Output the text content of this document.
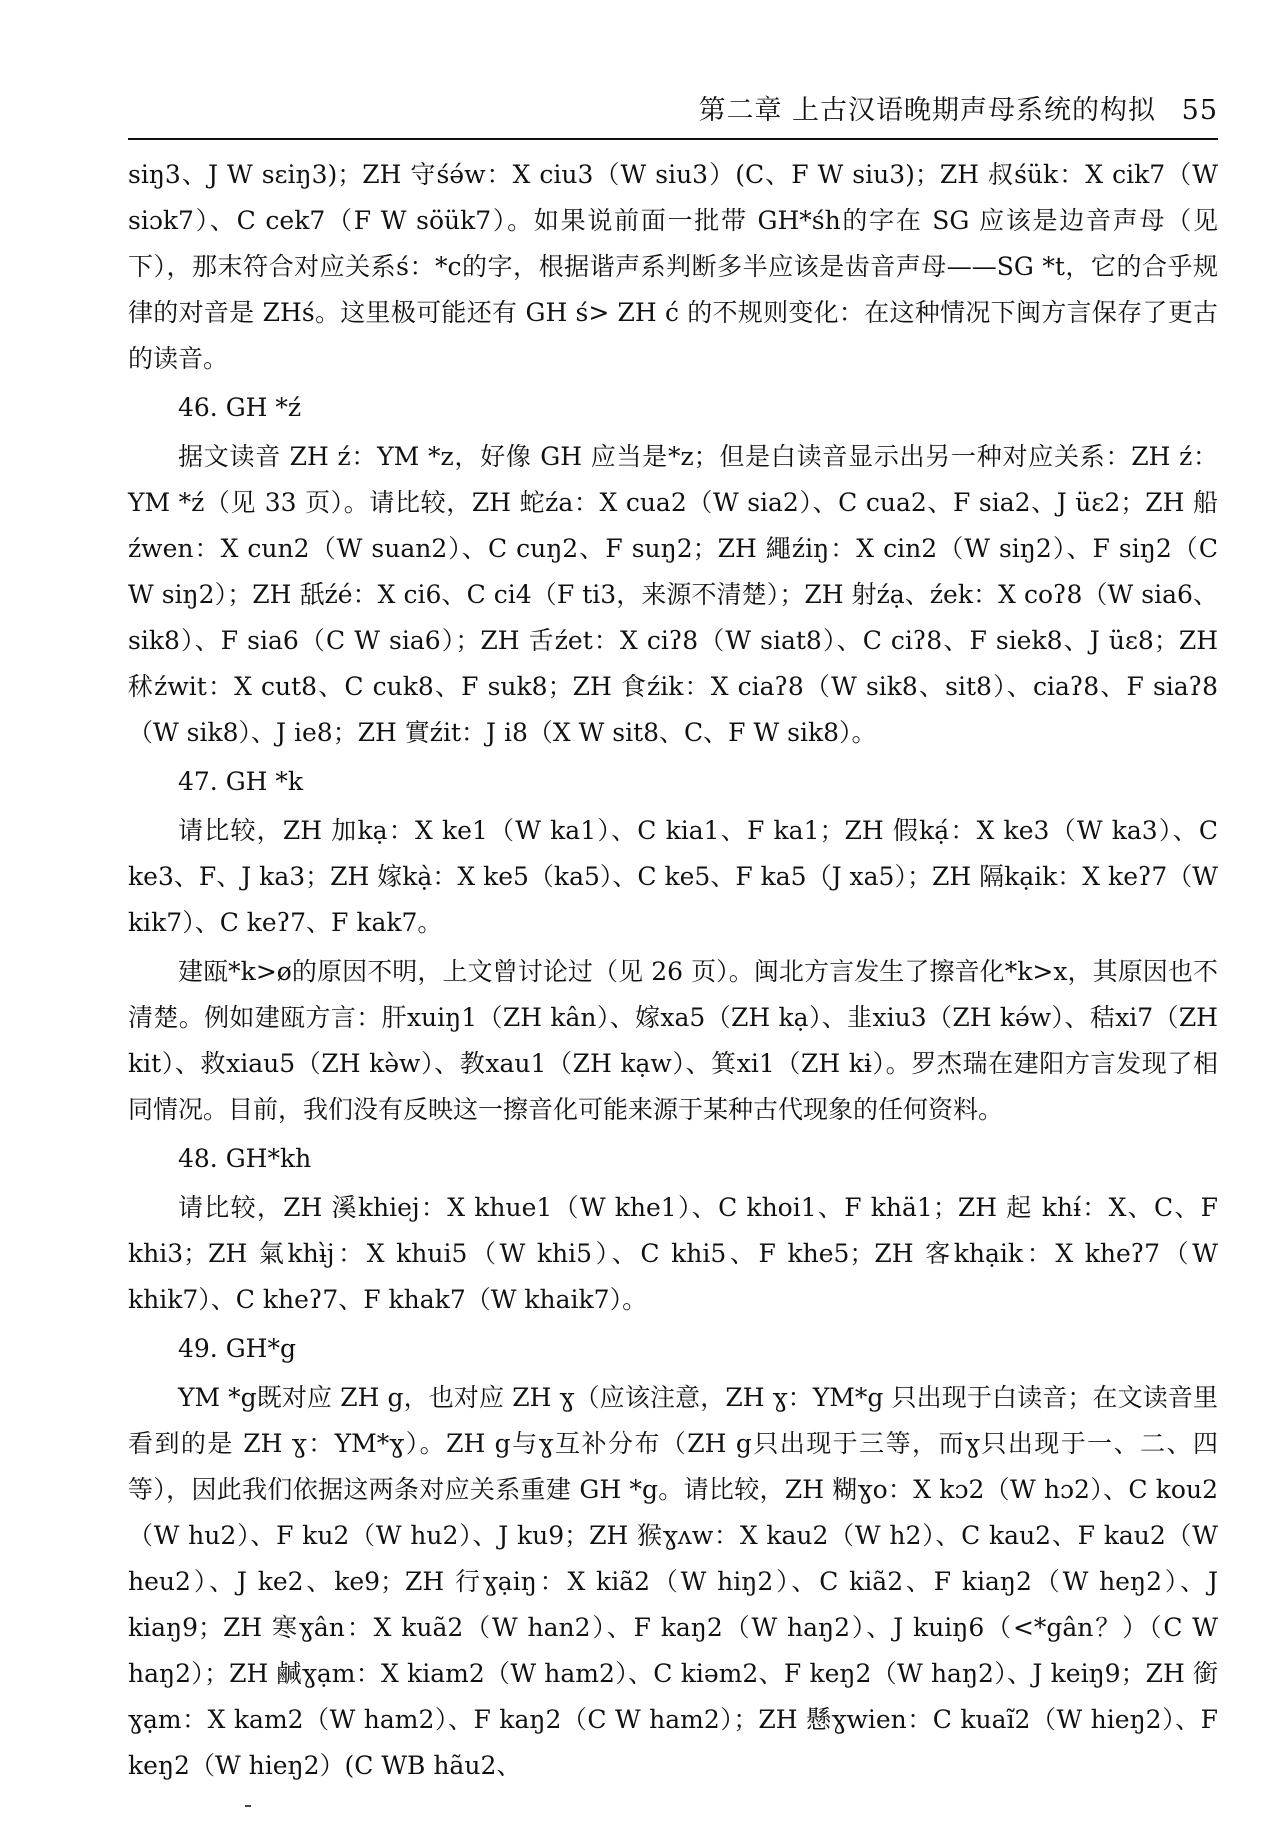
第二章 上古汉语晚期声母系统的构拟 55

siŋ3、J W sɛiŋ3)；ZH 守śə́w：X ciu3（W siu3）(C、F W siu3)；ZH 叔śük：X cik7（W siɔk7）、C cek7（F W söük7）。如果说前面一批带 GH*śh的字在 SG 应该是边音声母（见下），那末符合对应关系ś：*c的字，根据谐声系判断多半应该是齿音声母——SG *t，它的合乎规律的对音是 ZHś。这里极可能还有 GH ś> ZH ć 的不规则变化：在这种情况下闽方言保存了更古的读音。

46. GH *ź

据文读音 ZH ź：YM *z，好像 GH 应当是*z；但是白读音显示出另一种对应关系：ZH ź：YM *ź（见 33 页）。请比较，ZH 蛇źa：X cua2（W sia2）、C cua2、F sia2、J üɛ2；ZH 船źwen：X cun2（W suan2）、C cuŋ2、F suŋ2；ZH 繩źiŋ：X cin2（W siŋ2）、F siŋ2（C W siŋ2）；ZH 舐źé：X ci6、C ci4（F ti3，来源不清楚）；ZH 射źạ、źek：X coʔ8（W sia6、sik8）、F sia6（C W sia6）；ZH 舌źet：X ciʔ8（W siat8）、C ciʔ8、F siek8、J üɛ8；ZH 秫źwit：X cut8、C cuk8、F suk8；ZH 食źik：X ciaʔ8（W sik8、sit8）、ciaʔ8、F siaʔ8（W sik8）、J ie8；ZH 實źit：J i8（X W sit8、C、F W sik8）。

47. GH *k

请比较，ZH 加kạ：X ke1（W ka1）、C kia1、F ka1；ZH 假kạ́：X ke3（W ka3）、C ke3、F、J ka3；ZH 嫁kạ̀：X ke5（ka5）、C ke5、F ka5（J xa5）；ZH 隔kạik：X keʔ7（W kik7）、C keʔ7、F kak7。

建瓯*k>ø的原因不明，上文曾讨论过（见 26 页）。闽北方言发生了擦音化*k>x，其原因也不清楚。例如建瓯方言：肝xuiŋ1（ZH kân）、嫁xa5（ZH kạ）、韭xiu3（ZH kə́w）、秸xi7（ZH kit）、救xiau5（ZH kə̀w）、教xau1（ZH kạw）、箕xi1（ZH kɨ）。罗杰瑞在建阳方言发现了相同情况。目前，我们没有反映这一擦音化可能来源于某种古代现象的任何资料。

48. GH*kh

请比较，ZH 溪khiej：X khue1（W khe1）、C khoi1、F khä1；ZH 起 khɨ́：X、C、F khi3；ZH 氣khɨ̀j：X khui5（W khi5）、C khi5、F khe5；ZH 客khạik：X kheʔ7（W khik7）、C kheʔ7、F khak7（W khaik7）。

49. GH*g

YM *g既对应 ZH g，也对应 ZH ɣ（应该注意，ZH ɣ：YM*g 只出现于白读音；在文读音里看到的是 ZH ɣ：YM*ɣ）。ZH g与ɣ互补分布（ZH g只出现于三等，而ɣ只出现于一、二、四等），因此我们依据这两条对应关系重建 GH *g。请比较，ZH 糊ɣo：X kɔ2（W hɔ2）、C kou2（W hu2）、F ku2（W hu2）、J ku9；ZH 猴ɣʌw：X kau2（W h2）、C kau2、F kau2（W heu2）、J ke2、ke9；ZH 行ɣạiŋ：X kiã2（W hiŋ2）、C kiã2、F kiaŋ2（W heŋ2）、J kiaŋ9；ZH 寒ɣân：X kuã2（W han2）、F kaŋ2（W haŋ2）、J kuiŋ6（<*gân？）（C W haŋ2）；ZH 鹹ɣạm：X kiam2（W ham2）、C kiəm2、F keŋ2（W haŋ2）、J keiŋ9；ZH 銜ɣạm：X kam2（W ham2）、F kaŋ2（C W ham2）；ZH 懸ɣwien：C kuaĩ2（W hieŋ2）、F keŋ2（W hieŋ2）(C WB hãu2、
